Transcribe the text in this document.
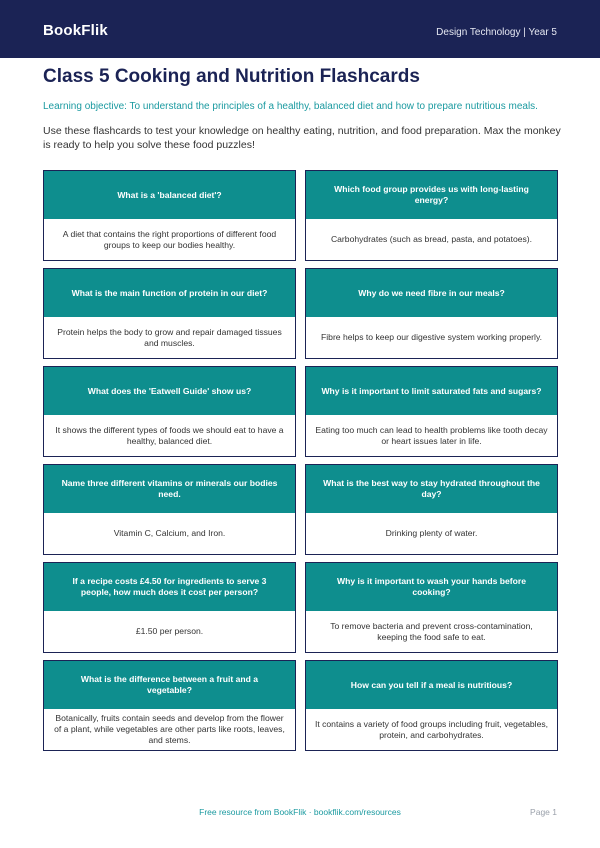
BookFlik	Design Technology | Year 5
Class 5 Cooking and Nutrition Flashcards
Learning objective: To understand the principles of a healthy, balanced diet and how to prepare nutritious meals.
Use these flashcards to test your knowledge on healthy eating, nutrition, and food preparation. Max the monkey is ready to help you solve these food puzzles!
What is a 'balanced diet'?
A diet that contains the right proportions of different food groups to keep our bodies healthy.
Which food group provides us with long-lasting energy?
Carbohydrates (such as bread, pasta, and potatoes).
What is the main function of protein in our diet?
Protein helps the body to grow and repair damaged tissues and muscles.
Why do we need fibre in our meals?
Fibre helps to keep our digestive system working properly.
What does the 'Eatwell Guide' show us?
It shows the different types of foods we should eat to have a healthy, balanced diet.
Why is it important to limit saturated fats and sugars?
Eating too much can lead to health problems like tooth decay or heart issues later in life.
Name three different vitamins or minerals our bodies need.
Vitamin C, Calcium, and Iron.
What is the best way to stay hydrated throughout the day?
Drinking plenty of water.
If a recipe costs £4.50 for ingredients to serve 3 people, how much does it cost per person?
£1.50 per person.
Why is it important to wash your hands before cooking?
To remove bacteria and prevent cross-contamination, keeping the food safe to eat.
What is the difference between a fruit and a vegetable?
Botanically, fruits contain seeds and develop from the flower of a plant, while vegetables are other parts like roots, leaves, and stems.
How can you tell if a meal is nutritious?
It contains a variety of food groups including fruit, vegetables, protein, and carbohydrates.
Free resource from BookFlik · bookflik.com/resources	Page 1
